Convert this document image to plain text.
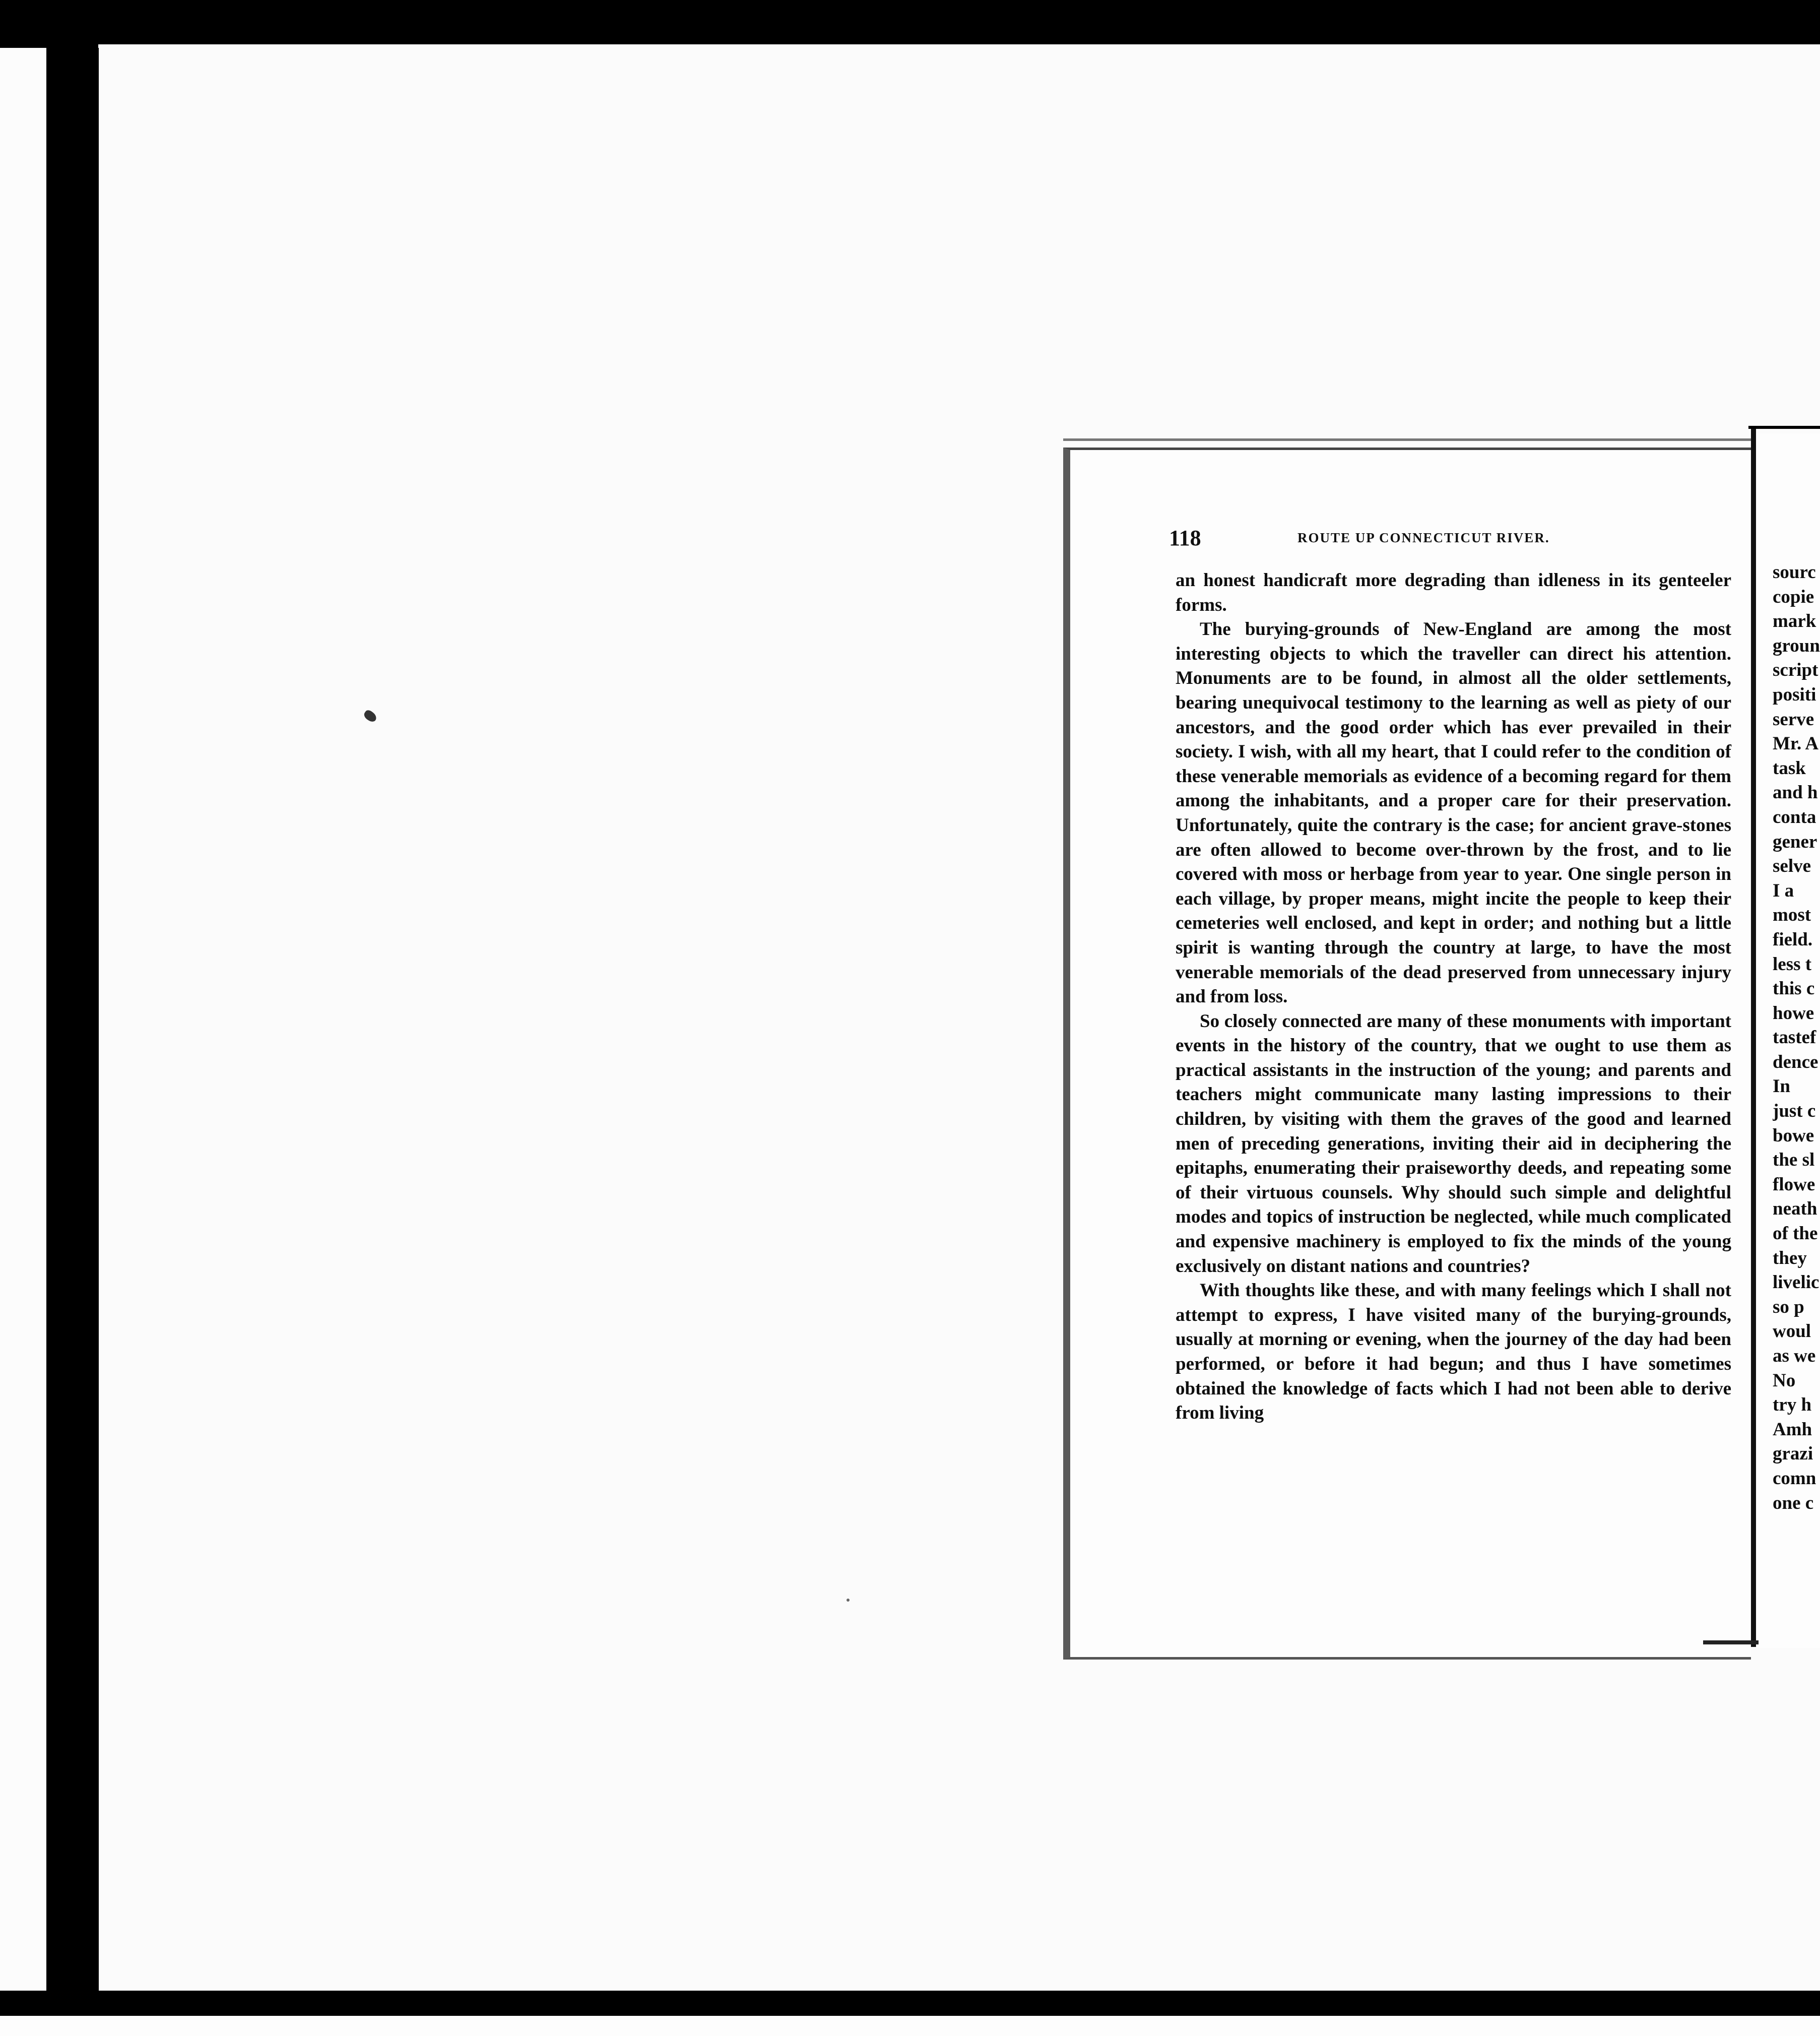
118	ROUTE UP CONNECTICUT RIVER.

an honest handicraft more degrading than idleness in its genteeler forms.

The burying-grounds of New-England are among the most interesting objects to which the traveller can direct his attention. Monuments are to be found, in almost all the older settlements, bearing unequivocal testimony to the learning as well as piety of our ancestors, and the good order which has ever prevailed in their society. I wish, with all my heart, that I could refer to the condition of these venerable memorials as evidence of a becoming regard for them among the inhabitants, and a proper care for their preservation. Unfortunately, quite the contrary is the case; for ancient grave-stones are often allowed to become over-thrown by the frost, and to lie covered with moss or herbage from year to year. One single person in each village, by proper means, might incite the people to keep their cemeteries well enclosed, and kept in order; and nothing but a little spirit is wanting through the country at large, to have the most venerable memorials of the dead preserved from unnecessary injury and from loss.

So closely connected are many of these monuments with important events in the history of the country, that we ought to use them as practical assistants in the instruction of the young; and parents and teachers might communicate many lasting impressions to their children, by visiting with them the graves of the good and learned men of preceding generations, inviting their aid in deciphering the epitaphs, enumerating their praiseworthy deeds, and repeating some of their virtuous counsels. Why should such simple and delightful modes and topics of instruction be neglected, while much complicated and expensive machinery is employed to fix the minds of the young exclusively on distant nations and countries?

With thoughts like these, and with many feelings which I shall not attempt to express, I have visited many of the burying-grounds, usually at morning or evening, when the journey of the day had been performed, or before it had begun; and thus I have sometimes obtained the knowledge of facts which I had not been able to derive from living

sourc
copie
mark
groun
script
positi
serve
Mr. A
task
and h
conta
gener
selve
I a
most
field.
less t
this c
howe
tastef
dence
In
just c
bowe
the sl
flowe
neath
of the
they
livelic
so p
woul
as we
No
try h
Amh
grazi
comn
one c
